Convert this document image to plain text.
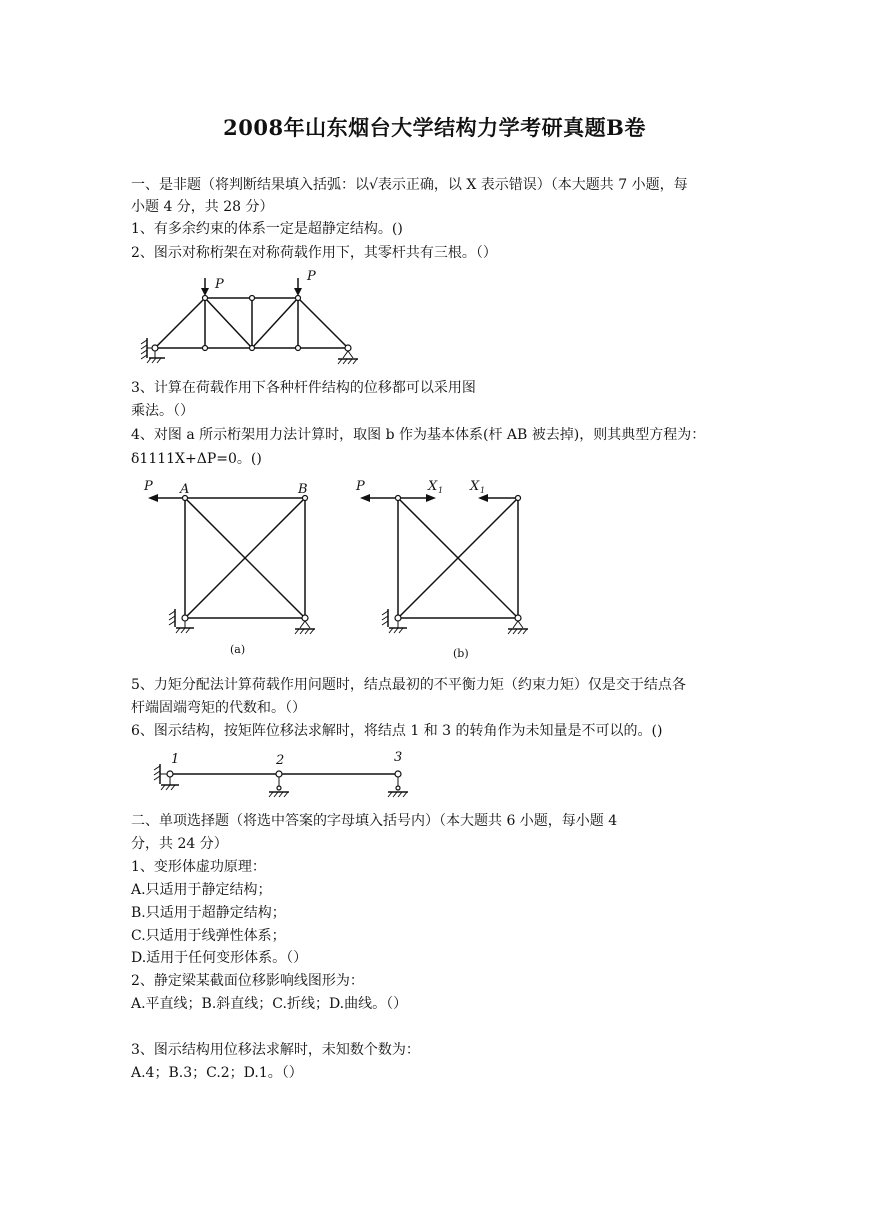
2008年山东烟台大学结构力学考研真题B卷
一、是非题（将判断结果填入括弧：以√表示正确，以 X 表示错误）（本大题共 7 小题，每
小题 4 分，共 28 分）
1、有多余约束的体系一定是超静定结构。()
2、图示对称桁架在对称荷载作用下，其零杆共有三根。（）
P
P
3、计算在荷载作用下各种杆件结构的位移都可以采用图
乘法。（）
4、对图 a 所示桁架用力法计算时，取图 b 作为基本体系(杆 AB 被去掉)，则其典型方程为：
δ1111X+ΔP=0。()
P A	B
(a)
P	X 1 X 1
(b)
5、力矩分配法计算荷载作用问题时，结点最初的不平衡力矩（约束力矩）仅是交于结点各
杆端固端弯矩的代数和。（）
6、图示结构，按矩阵位移法求解时，将结点 1 和 3 的转角作为未知量是不可以的。()
1	2	3
二、单项选择题（将选中答案的字母填入括号内）（本大题共 6 小题，每小题 4
分，共 24 分）
1、变形体虚功原理：
A.只适用于静定结构；
B.只适用于超静定结构；
C.只适用于线弹性体系；
D.适用于任何变形体系。（）
2、静定梁某截面位移影响线图形为：
A.平直线；B.斜直线；C.折线；D.曲线。（）
3、图示结构用位移法求解时，未知数个数为：
A.4；B.3；C.2；D.1。（）
